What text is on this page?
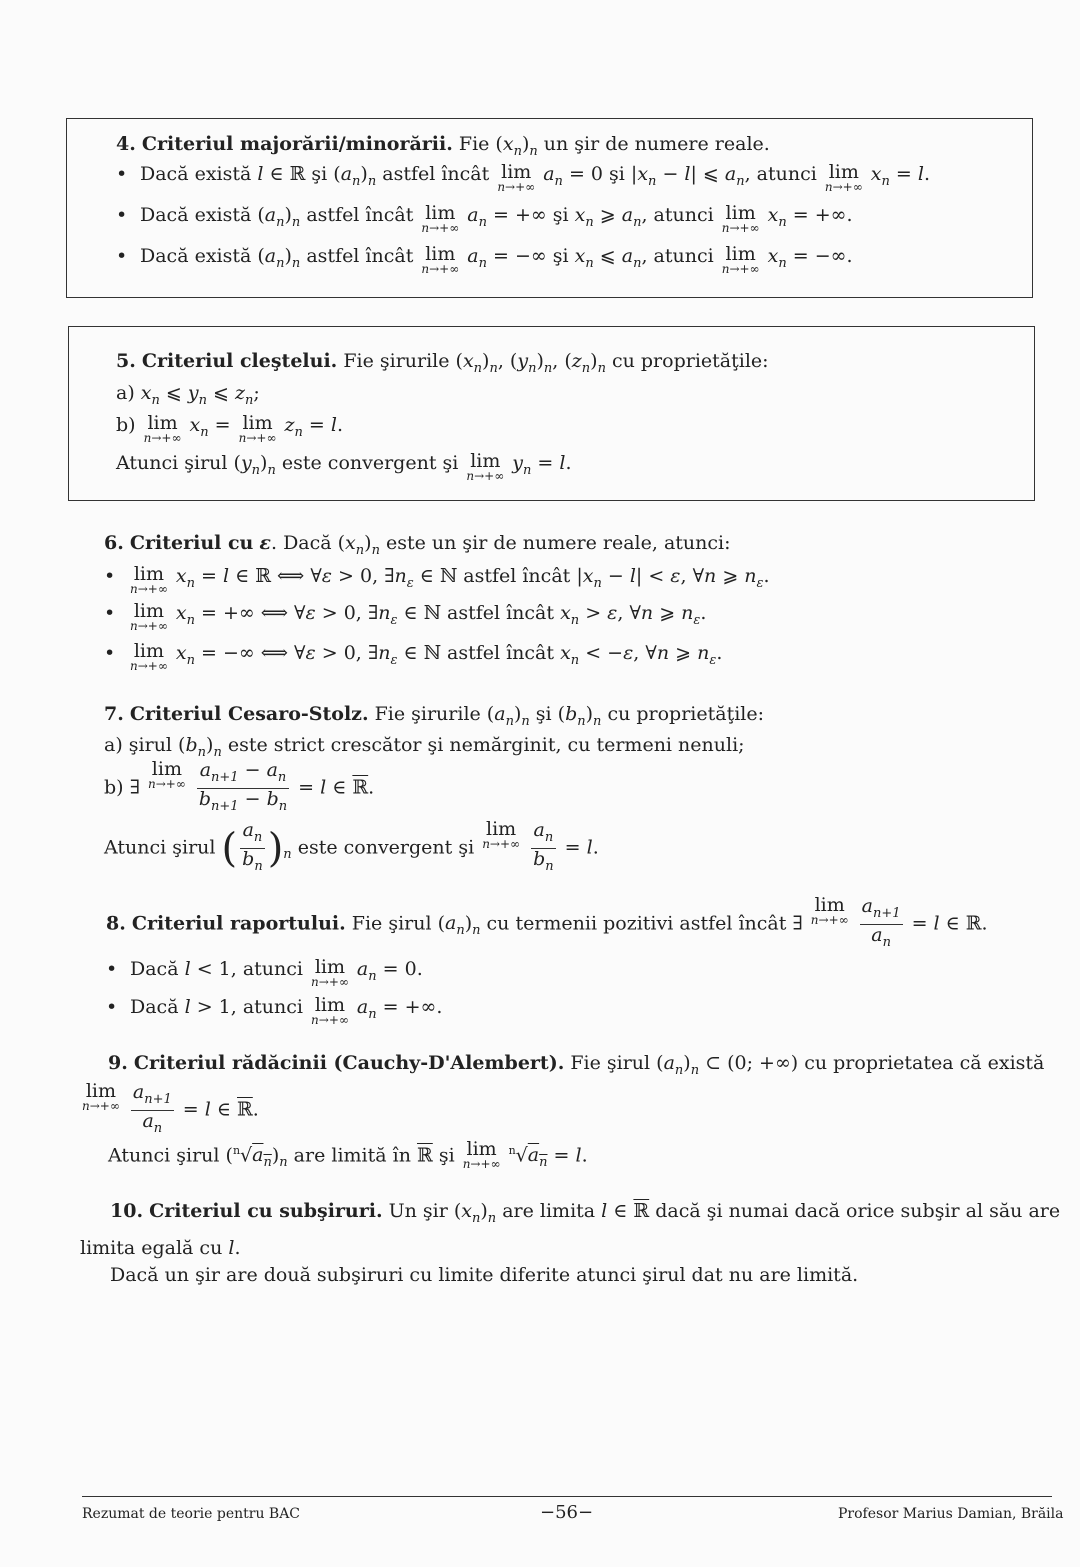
4. Criteriul majorării/minorării. Fie $(x_n)_n$ un şir de numere reale.
• Dacă există l ∈ ℝ şi $(a_n)_n$ astfel încât lim
n→+∞
$a_n = 0$ şi $|x_n - l|$ ⩽ $a_n$, atunci lim
n→+∞
$x_n = l$.
• Dacă există $(a_n)_n$ astfel încât lim
n→+∞
$a_n$ = +∞ şi $x_n$ ⩾ $a_n$, atunci lim
n→+∞
$x_n$ = +∞.
• Dacă există $(a_n)_n$ astfel încât lim
n→+∞
$a_n$ = −∞ şi $x_n$ ⩽ $a_n$, atunci lim
n→+∞
$x_n$ = −∞.
5. Criteriul cleştelui. Fie şirurile $(x_n)_n$, $(y_n)_n$, $(z_n)_n$ cu proprietăţile:
a) $x_n$ ⩽ $y_n$ ⩽ $z_n$;
b) lim
n→+∞
$x_n = \lim$
n→+∞
$z_n = l$.
Atunci şirul $(y_n)_n$ este convergent şi lim
n→+∞
$y_n = l$.
6. Criteriul cu ε. Dacă $(x_n)_n$ este un şir de numere reale, atunci:
• lim
n→+∞
$x_n = l$ ∈ ℝ ⟺ ∀ε > 0, $\exists n_\varepsilon$ ∈ ℕ astfel încât $|x_n - l| < \varepsilon$, ∀n ⩾ $n_\varepsilon$.
• lim
n→+∞
$x_n$ = +∞ ⟺ ∀ε > 0, $\exists n_\varepsilon$ ∈ ℕ astfel încât $x_n > \varepsilon$, ∀n ⩾ $n_\varepsilon$.
• lim
n→+∞
$x_n$ = −∞ ⟺ ∀ε > 0, $\exists n_\varepsilon$ ∈ ℕ astfel încât $x_n < -\varepsilon$, ∀n ⩾ $n_\varepsilon$.
7. Criteriul Cesaro-Stolz. Fie şirurile $(a_n)_n$ şi $(b_n)_n$ cu proprietăţile:
a) şirul $(b_n)_n$ este strict crescător şi nemărginit, cu termeni nenuli;
b) ∃ lim
n→+∞
$\frac{a_{n+1} - a_n}{b_{n+1} - b_n} = l$ ∈ ℝ.
Atunci şirul ( $\frac{a_n}{b_n} )_n$ este convergent şi lim
n→+∞
$\frac{a_n}{b_n} = l$.
8. Criteriul raportului. Fie şirul $(a_n)_n$ cu termenii pozitivi astfel încât ∃ lim
n→+∞
$\frac{a_{n+1}}{a_n} = l$ ∈ ℝ.
• Dacă l < 1, atunci lim
n→+∞
$a_n = 0$.
• Dacă l > 1, atunci lim
n→+∞
$a_n$ = +∞.
9. Criteriul rădăcinii (Cauchy-D'Alembert). Fie şirul $(a_n)_n$ ⊂ (0; +∞) cu proprietatea că există
lim
n→+∞
$\frac{a_{n+1}}{a_n} = l$ ∈ ℝ.
Atunci şirul $(^n√a_n)_n$ are limită în ℝ şi lim
n→+∞
$^n√a_n = l$.
10. Criteriul cu subşiruri. Un şir $(x_n)_n$ are limita l ∈ ℝ dacă şi numai dacă orice subşir al său are
limita egală cu l.
Dacă un şir are două subşiruri cu limite diferite atunci şirul dat nu are limită.
Rezumat de teorie pentru BAC	−56−	Profesor Marius Damian, Brăila
